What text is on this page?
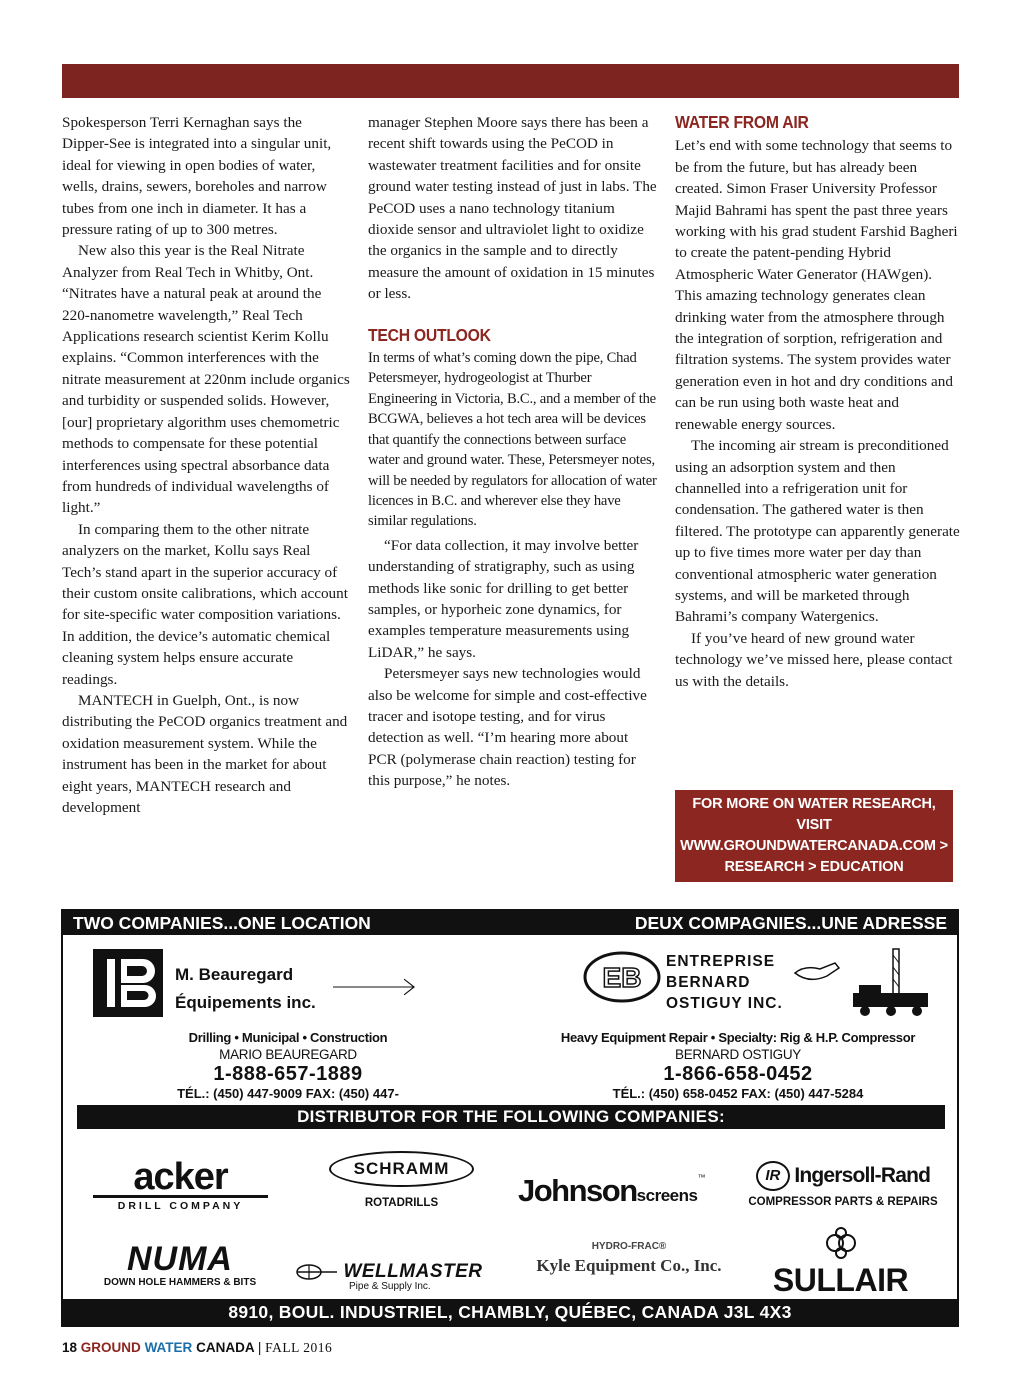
Spokesperson Terri Kernaghan says the Dipper-See is integrated into a singular unit, ideal for viewing in open bodies of water, wells, drains, sewers, boreholes and narrow tubes from one inch in diameter. It has a pressure rating of up to 300 metres.

New also this year is the Real Nitrate Analyzer from Real Tech in Whitby, Ont. “Nitrates have a natural peak at around the 220-nanometre wavelength,” Real Tech Applications research scientist Kerim Kollu explains. “Common interferences with the nitrate measurement at 220nm include organics and turbidity or suspended solids. However, [our] proprietary algorithm uses chemometric methods to compensate for these potential interferences using spectral absorbance data from hundreds of individual wavelengths of light.”

In comparing them to the other nitrate analyzers on the market, Kollu says Real Tech’s stand apart in the superior accuracy of their custom onsite calibrations, which account for site-specific water composition variations. In addition, the device’s automatic chemical cleaning system helps ensure accurate readings.

MANTECH in Guelph, Ont., is now distributing the PeCOD organics treatment and oxidation measurement system. While the instrument has been in the market for about eight years, MANTECH research and development

manager Stephen Moore says there has been a recent shift towards using the PeCOD in wastewater treatment facilities and for onsite ground water testing instead of just in labs. The PeCOD uses a nano technology titanium dioxide sensor and ultraviolet light to oxidize the organics in the sample and to directly measure the amount of oxidation in 15 minutes or less.

TECH OUTLOOK

In terms of what’s coming down the pipe, Chad Petersmeyer, hydrogeologist at Thurber Engineering in Victoria, B.C., and a member of the BCGWA, believes a hot tech area will be devices that quantify the connections between surface water and ground water. These, Petersmeyer notes, will be needed by regulators for allocation of water licences in B.C. and wherever else they have similar regulations.

“For data collection, it may involve better understanding of stratigraphy, such as using methods like sonic for drilling to get better samples, or hyporheic zone dynamics, for examples temperature measurements using LiDAR,” he says.

Petersmeyer says new technologies would also be welcome for simple and cost-effective tracer and isotope testing, and for virus detection as well. “I’m hearing more about PCR (polymerase chain reaction) testing for this purpose,” he notes.

WATER FROM AIR

Let’s end with some technology that seems to be from the future, but has already been created. Simon Fraser University Professor Majid Bahrami has spent the past three years working with his grad student Farshid Bagheri to create the patent-pending Hybrid Atmospheric Water Generator (HAWgen). This amazing technology generates clean drinking water from the atmosphere through the integration of sorption, refrigeration and filtration systems. The system provides water generation even in hot and dry conditions and can be run using both waste heat and renewable energy sources.

The incoming air stream is preconditioned using an adsorption system and then channelled into a refrigeration unit for condensation. The gathered water is then filtered. The prototype can apparently generate up to five times more water per day than conventional atmospheric water generation systems, and will be marketed through Bahrami’s company Watergenics.

If you’ve heard of new ground water technology we’ve missed here, please contact us with the details.

FOR MORE ON WATER RESEARCH, VISIT
WWW.GROUNDWATERCANADA.COM >
RESEARCH > EDUCATION
TWO COMPANIES...ONE LOCATION	DEUX COMPAGNIES...UNE ADRESSE
M. Beauregard
Équipements inc.
Drilling • Municipal • Construction
MARIO BEAUREGARD
1-888-657-1889
TÉL.: (450) 447-9009 FAX: (450) 447-
EB
ENTREPRISE
BERNARD
OSTIGUY INC.
Heavy Equipment Repair • Specialty: Rig & H.P. Compressor
BERNARD OSTIGUY
1-866-658-0452
TÉL.: (450) 658-0452 FAX: (450) 447-5284
DISTRIBUTOR FOR THE FOLLOWING COMPANIES:
acker
DRILL COMPANY
SCHRAMM
ROTADRILLS	Johnsonscreens™	IR Ingersoll-Rand
COMPRESSOR PARTS & REPAIRS
NUMA
DOWN HOLE HAMMERS & BITS
WELLMASTER
Pipe & Supply Inc.
HYDRO-FRAC®
Kyle Equipment Co., Inc.	SULLAIR
8910, BOUL. INDUSTRIEL, CHAMBLY, QUÉBEC, CANADA J3L 4X3
18 GROUND WATER CANADA | FALL 2016
